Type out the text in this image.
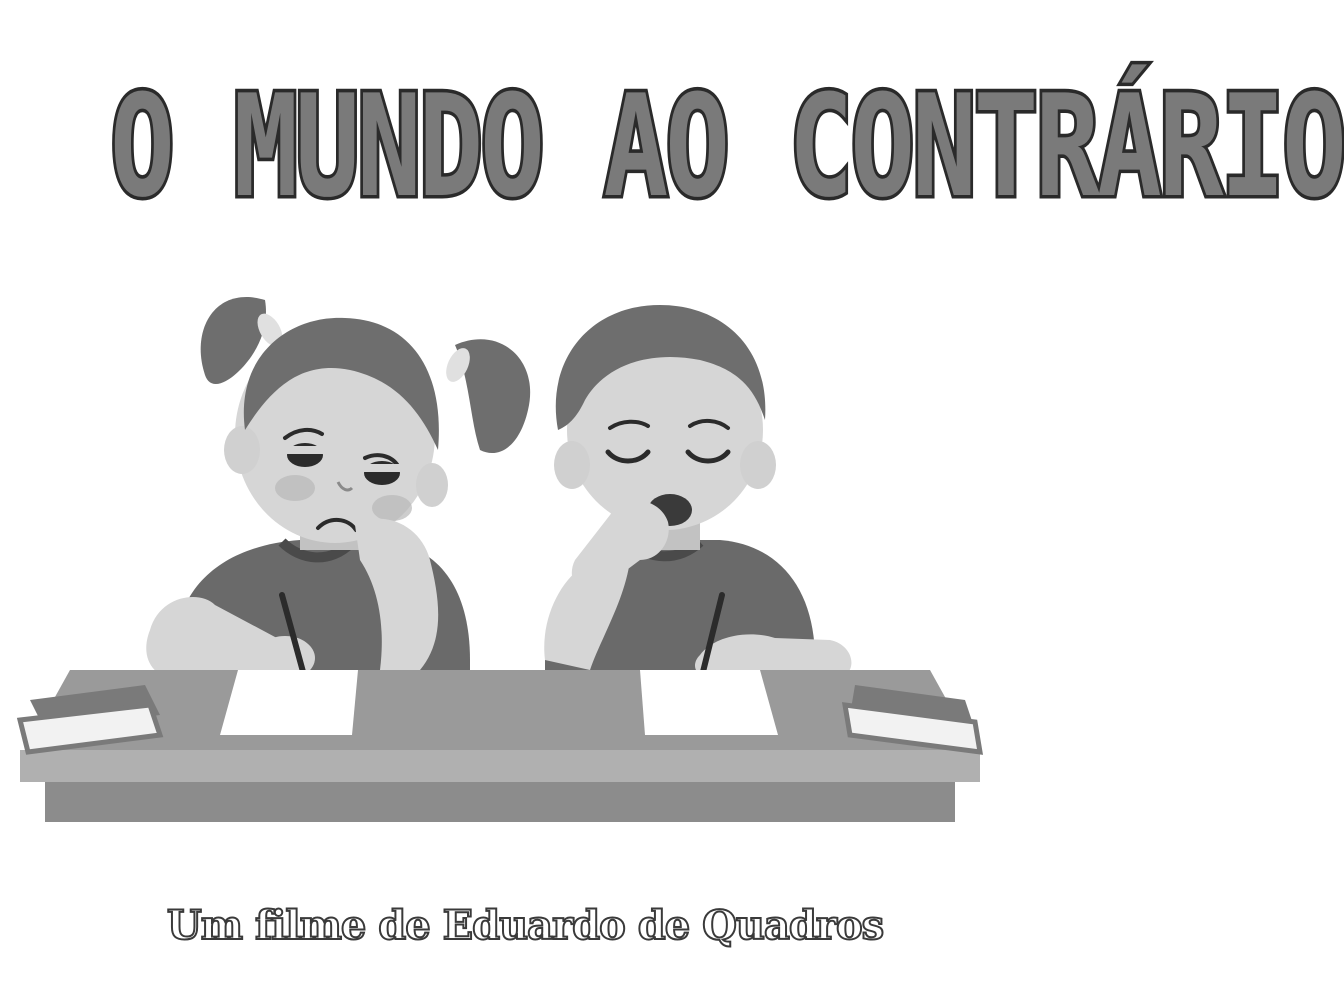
O MUNDO AO CONTRÁRIO
Um filme de Eduardo de Quadros
